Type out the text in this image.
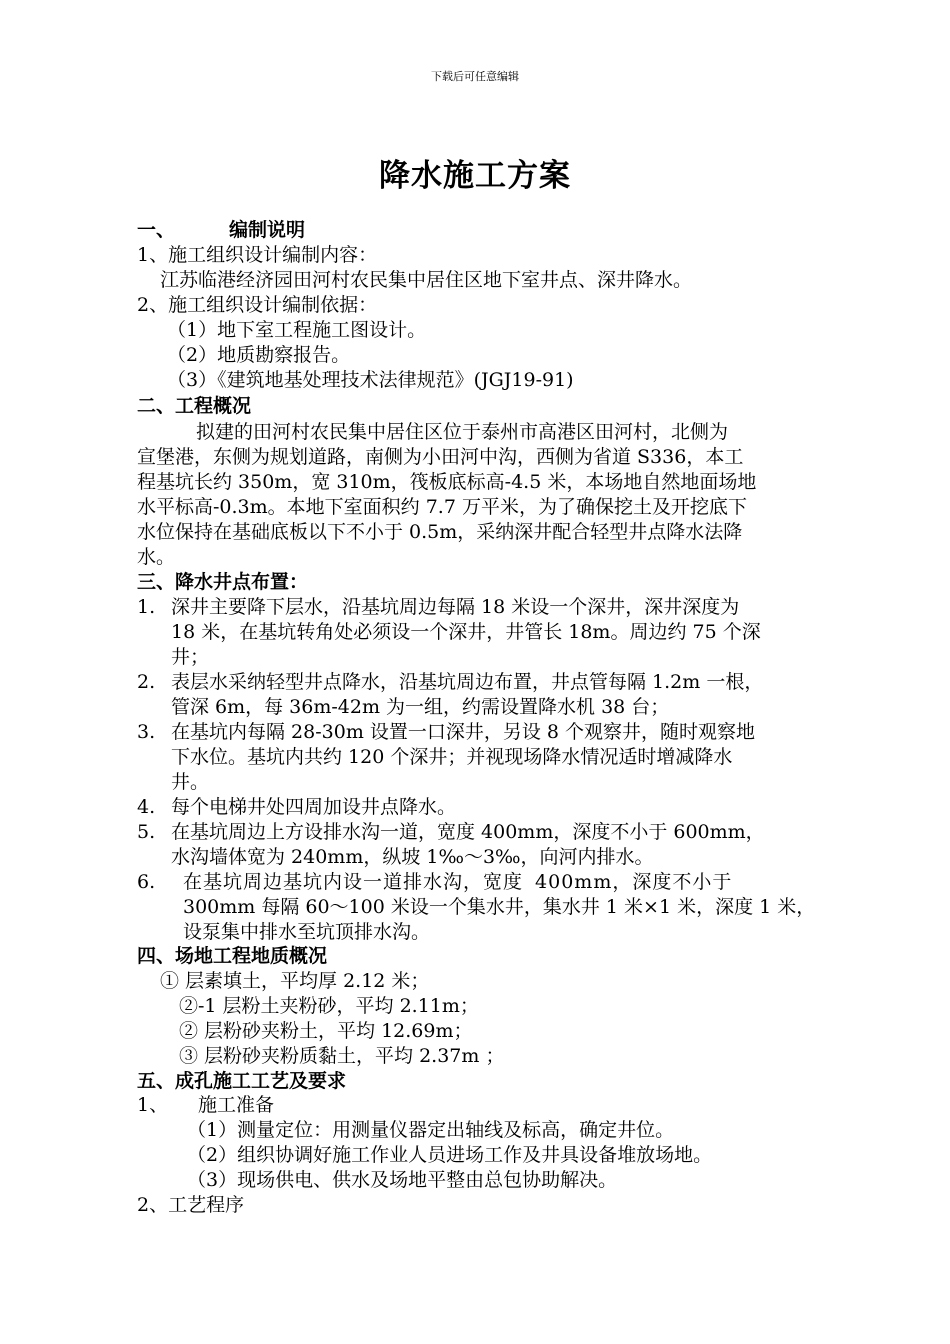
下载后可任意编辑
降水施工方案
一、	编制说明
1、施工组织设计编制内容：
江苏临港经济园田河村农民集中居住区地下室井点、深井降水。
2、施工组织设计编制依据：
（1）地下室工程施工图设计。
（2）地质勘察报告。
（3）《建筑地基处理技术法律规范》(JGJ19-91)
二、工程概况
拟建的田河村农民集中居住区位于泰州市高港区田河村，北侧为
宣堡港，东侧为规划道路，南侧为小田河中沟，西侧为省道 S336，本工
程基坑长约 350m，宽 310m，筏板底标高-4.5 米，本场地自然地面场地
水平标高-0.3m。本地下室面积约 7.7 万平米，为了确保挖土及开挖底下
水位保持在基础底板以下不小于 0.5m，采纳深井配合轻型井点降水法降
水。
三、降水井点布置：
1. 深井主要降下层水，沿基坑周边每隔 18 米设一个深井，深井深度为
18 米，在基坑转角处必须设一个深井，井管长 18m。周边约 75 个深
井；
2. 表层水采纳轻型井点降水，沿基坑周边布置，井点管每隔 1.2m 一根，
管深 6m，每 36m-42m 为一组，约需设置降水机 38 台；
3. 在基坑内每隔 28-30m 设置一口深井，另设 8 个观察井，随时观察地
下水位。基坑内共约 120 个深井；并视现场降水情况适时增减降水
井。
4. 每个电梯井处四周加设井点降水。
5. 在基坑周边上方设排水沟一道，宽度 400mm，深度不小于 600mm，
水沟墙体宽为 240mm，纵坡 1‰～3‰，向河内排水。
6. 在基坑周边基坑内设一道排水沟，宽度 400mm，深度不小于
300mm 每隔 60～100 米设一个集水井，集水井 1 米×1 米，深度 1 米，
设泵集中排水至坑顶排水沟。
四、场地工程地质概况
① 层素填土，平均厚 2.12 米；
②-1 层粉土夹粉砂，平均 2.11m；
② 层粉砂夹粉土，平均 12.69m；
③ 层粉砂夹粉质黏土，平均 2.37m ；
五、成孔施工工艺及要求
1、 施工准备
（1）测量定位：用测量仪器定出轴线及标高，确定井位。
（2）组织协调好施工作业人员进场工作及井具设备堆放场地。
（3）现场供电、供水及场地平整由总包协助解决。
2、工艺程序
